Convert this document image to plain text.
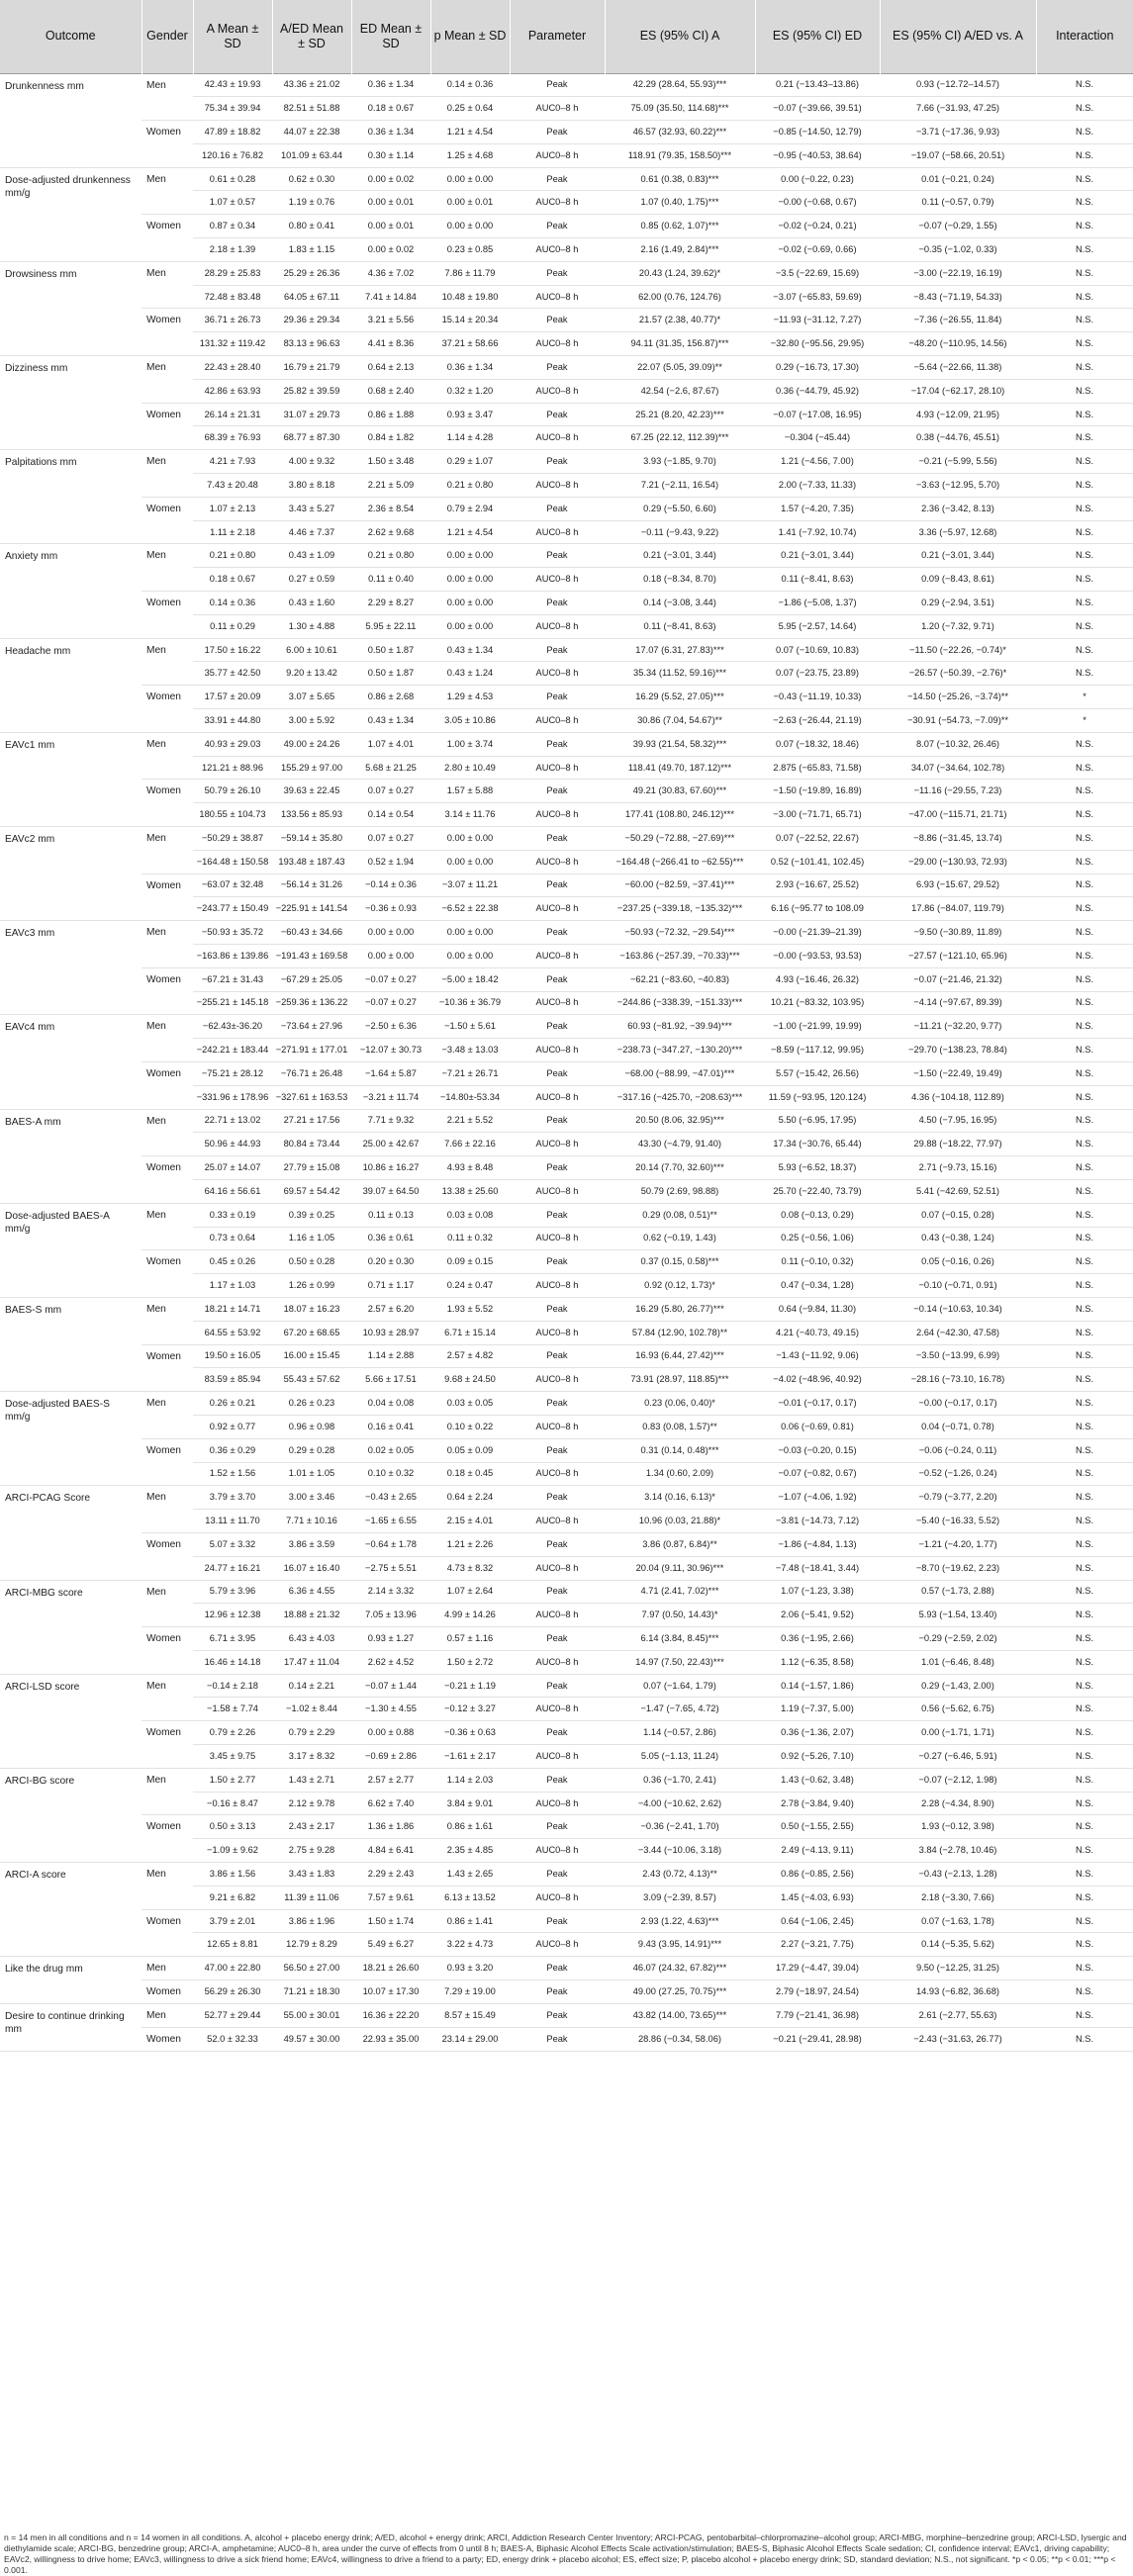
Outcome	Gender	A Mean ± SD	A/ED Mean ± SD	ED Mean ± SD	p Mean ± SD	Parameter	ES (95% CI) A	ES (95% CI) ED	ES (95% CI) A/ED vs. A	Interaction
Drunkenness mm	Men	42.43 ± 19.93	43.36 ± 21.02	0.36 ± 1.34	0.14 ± 0.36	Peak	42.29 (28.64, 55.93)***	0.21 (−13.43–13.86)	0.93 (−12.72–14.57)	N.S.
		75.34 ± 39.94	82.51 ± 51.88	0.18 ± 0.67	0.25 ± 0.64	AUC0–8 h	75.09 (35.50, 114.68)***	−0.07 (−39.66, 39.51)	7.66 (−31.93, 47.25)	N.S.
	Women	47.89 ± 18.82	44.07 ± 22.38	0.36 ± 1.34	1.21 ± 4.54	Peak	46.57 (32.93, 60.22)***	−0.85 (−14.50, 12.79)	−3.71 (−17.36, 9.93)	N.S.
		120.16 ± 76.82	101.09 ± 63.44	0.30 ± 1.14	1.25 ± 4.68	AUC0–8 h	118.91 (79.35, 158.50)***	−0.95 (−40.53, 38.64)	−19.07 (−58.66, 20.51)	N.S.
Dose-adjusted drunkenness mm/g	Men	0.61 ± 0.28	0.62 ± 0.30	0.00 ± 0.02	0.00 ± 0.00	Peak	0.61 (0.38, 0.83)***	0.00 (−0.22, 0.23)	0.01 (−0.21, 0.24)	N.S.
		1.07 ± 0.57	1.19 ± 0.76	0.00 ± 0.01	0.00 ± 0.01	AUC0–8 h	1.07 (0.40, 1.75)***	−0.00 (−0.68, 0.67)	0.11 (−0.57, 0.79)	N.S.
	Women	0.87 ± 0.34	0.80 ± 0.41	0.00 ± 0.01	0.00 ± 0.00	Peak	0.85 (0.62, 1.07)***	−0.02 (−0.24, 0.21)	−0.07 (−0.29, 1.55)	N.S.
		2.18 ± 1.39	1.83 ± 1.15	0.00 ± 0.02	0.23 ± 0.85	AUC0–8 h	2.16 (1.49, 2.84)***	−0.02 (−0.69, 0.66)	−0.35 (−1.02, 0.33)	N.S.
Drowsiness mm	Men	28.29 ± 25.83	25.29 ± 26.36	4.36 ± 7.02	7.86 ± 11.79	Peak	20.43 (1.24, 39.62)*	−3.5 (−22.69, 15.69)	−3.00 (−22.19, 16.19)	N.S.
		72.48 ± 83.48	64.05 ± 67.11	7.41 ± 14.84	10.48 ± 19.80	AUC0–8 h	62.00 (0.76, 124.76)	−3.07 (−65.83, 59.69)	−8.43 (−71.19, 54.33)	N.S.
	Women	36.71 ± 26.73	29.36 ± 29.34	3.21 ± 5.56	15.14 ± 20.34	Peak	21.57 (2.38, 40.77)*	−11.93 (−31.12, 7.27)	−7.36 (−26.55, 11.84)	N.S.
		131.32 ± 119.42	83.13 ± 96.63	4.41 ± 8.36	37.21 ± 58.66	AUC0–8 h	94.11 (31.35, 156.87)***	−32.80 (−95.56, 29.95)	−48.20 (−110.95, 14.56)	N.S.
Dizziness mm	Men	22.43 ± 28.40	16.79 ± 21.79	0.64 ± 2.13	0.36 ± 1.34	Peak	22.07 (5.05, 39.09)**	0.29 (−16.73, 17.30)	−5.64 (−22.66, 11.38)	N.S.
		42.86 ± 63.93	25.82 ± 39.59	0.68 ± 2.40	0.32 ± 1.20	AUC0–8 h	42.54 (−2.6, 87.67)	0.36 (−44.79, 45.92)	−17.04 (−62.17, 28.10)	N.S.
	Women	26.14 ± 21.31	31.07 ± 29.73	0.86 ± 1.88	0.93 ± 3.47	Peak	25.21 (8.20, 42.23)***	−0.07 (−17.08, 16.95)	4.93 (−12.09, 21.95)	N.S.
		68.39 ± 76.93	68.77 ± 87.30	0.84 ± 1.82	1.14 ± 4.28	AUC0–8 h	67.25 (22.12, 112.39)***	−0.304 (−45.44)	0.38 (−44.76, 45.51)	N.S.
Palpitations mm	Men	4.21 ± 7.93	4.00 ± 9.32	1.50 ± 3.48	0.29 ± 1.07	Peak	3.93 (−1.85, 9.70)	1.21 (−4.56, 7.00)	−0.21 (−5.99, 5.56)	N.S.
		7.43 ± 20.48	3.80 ± 8.18	2.21 ± 5.09	0.21 ± 0.80	AUC0–8 h	7.21 (−2.11, 16.54)	2.00 (−7.33, 11.33)	−3.63 (−12.95, 5.70)	N.S.
	Women	1.07 ± 2.13	3.43 ± 5.27	2.36 ± 8.54	0.79 ± 2.94	Peak	0.29 (−5.50, 6.60)	1.57 (−4.20, 7.35)	2.36 (−3.42, 8.13)	N.S.
		1.11 ± 2.18	4.46 ± 7.37	2.62 ± 9.68	1.21 ± 4.54	AUC0–8 h	−0.11 (−9.43, 9.22)	1.41 (−7.92, 10.74)	3.36 (−5.97, 12.68)	N.S.
Anxiety mm	Men	0.21 ± 0.80	0.43 ± 1.09	0.21 ± 0.80	0.00 ± 0.00	Peak	0.21 (−3.01, 3.44)	0.21 (−3.01, 3.44)	0.21 (−3.01, 3.44)	N.S.
		0.18 ± 0.67	0.27 ± 0.59	0.11 ± 0.40	0.00 ± 0.00	AUC0–8 h	0.18 (−8.34, 8.70)	0.11 (−8.41, 8.63)	0.09 (−8.43, 8.61)	N.S.
	Women	0.14 ± 0.36	0.43 ± 1.60	2.29 ± 8.27	0.00 ± 0.00	Peak	0.14 (−3.08, 3.44)	−1.86 (−5.08, 1.37)	0.29 (−2.94, 3.51)	N.S.
		0.11 ± 0.29	1.30 ± 4.88	5.95 ± 22.11	0.00 ± 0.00	AUC0–8 h	0.11 (−8.41, 8.63)	5.95 (−2.57, 14.64)	1.20 (−7.32, 9.71)	N.S.
Headache mm	Men	17.50 ± 16.22	6.00 ± 10.61	0.50 ± 1.87	0.43 ± 1.34	Peak	17.07 (6.31, 27.83)***	0.07 (−10.69, 10.83)	−11.50 (−22.26, −0.74)*	N.S.
		35.77 ± 42.50	9.20 ± 13.42	0.50 ± 1.87	0.43 ± 1.24	AUC0–8 h	35.34 (11.52, 59.16)***	0.07 (−23.75, 23.89)	−26.57 (−50.39, −2.76)*	N.S.
	Women	17.57 ± 20.09	3.07 ± 5.65	0.86 ± 2.68	1.29 ± 4.53	Peak	16.29 (5.52, 27.05)***	−0.43 (−11.19, 10.33)	−14.50 (−25.26, −3.74)**	*
		33.91 ± 44.80	3.00 ± 5.92	0.43 ± 1.34	3.05 ± 10.86	AUC0–8 h	30.86 (7.04, 54.67)**	−2.63 (−26.44, 21.19)	−30.91 (−54.73, −7.09)**	*
EAVc1 mm	Men	40.93 ± 29.03	49.00 ± 24.26	1.07 ± 4.01	1.00 ± 3.74	Peak	39.93 (21.54, 58.32)***	0.07 (−18.32, 18.46)	8.07 (−10.32, 26.46)	N.S.
		121.21 ± 88.96	155.29 ± 97.00	5.68 ± 21.25	2.80 ± 10.49	AUC0–8 h	118.41 (49.70, 187.12)***	2.875 (−65.83, 71.58)	34.07 (−34.64, 102.78)	N.S.
	Women	50.79 ± 26.10	39.63 ± 22.45	0.07 ± 0.27	1.57 ± 5.88	Peak	49.21 (30.83, 67.60)***	−1.50 (−19.89, 16.89)	−11.16 (−29.55, 7.23)	N.S.
		180.55 ± 104.73	133.56 ± 85.93	0.14 ± 0.54	3.14 ± 11.76	AUC0–8 h	177.41 (108.80, 246.12)***	−3.00 (−71.71, 65.71)	−47.00 (−115.71, 21.71)	N.S.
EAVc2 mm	Men	−50.29 ± 38.87	−59.14 ± 35.80	0.07 ± 0.27	0.00 ± 0.00	Peak	−50.29 (−72.88, −27.69)***	0.07 (−22.52, 22.67)	−8.86 (−31.45, 13.74)	N.S.
		−164.48 ± 150.58	193.48 ± 187.43	0.52 ± 1.94	0.00 ± 0.00	AUC0–8 h	−164.48 (−266.41 to −62.55)***	0.52 (−101.41, 102.45)	−29.00 (−130.93, 72.93)	N.S.
	Women	−63.07 ± 32.48	−56.14 ± 31.26	−0.14 ± 0.36	−3.07 ± 11.21	Peak	−60.00 (−82.59, −37.41)***	2.93 (−16.67, 25.52)	6.93 (−15.67, 29.52)	N.S.
		−243.77 ± 150.49	−225.91 ± 141.54	−0.36 ± 0.93	−6.52 ± 22.38	AUC0–8 h	−237.25 (−339.18, −135.32)***	6.16 (−95.77 to 108.09	17.86 (−84.07, 119.79)	N.S.
EAVc3 mm	Men	−50.93 ± 35.72	−60.43 ± 34.66	0.00 ± 0.00	0.00 ± 0.00	Peak	−50.93 (−72.32, −29.54)***	−0.00 (−21.39–21.39)	−9.50 (−30.89, 11.89)	N.S.
		−163.86 ± 139.86	−191.43 ± 169.58	0.00 ± 0.00	0.00 ± 0.00	AUC0–8 h	−163.86 (−257.39, −70.33)***	−0.00 (−93.53, 93.53)	−27.57 (−121.10, 65.96)	N.S.
	Women	−67.21 ± 31.43	−67.29 ± 25.05	−0.07 ± 0.27	−5.00 ± 18.42	Peak	−62.21 (−83.60, −40.83)	4.93 (−16.46, 26.32)	−0.07 (−21.46, 21.32)	N.S.
		−255.21 ± 145.18	−259.36 ± 136.22	−0.07 ± 0.27	−10.36 ± 36.79	AUC0–8 h	−244.86 (−338.39, −151.33)***	10.21 (−83.32, 103.95)	−4.14 (−97.67, 89.39)	N.S.
EAVc4 mm	Men	−62.43±-36.20	−73.64 ± 27.96	−2.50 ± 6.36	−1.50 ± 5.61	Peak	60.93 (−81.92, −39.94)***	−1.00 (−21.99, 19.99)	−11.21 (−32.20, 9.77)	N.S.
		−242.21 ± 183.44	−271.91 ± 177.01	−12.07 ± 30.73	−3.48 ± 13.03	AUC0–8 h	−238.73 (−347.27, −130.20)***	−8.59 (−117.12, 99.95)	−29.70 (−138.23, 78.84)	N.S.
	Women	−75.21 ± 28.12	−76.71 ± 26.48	−1.64 ± 5.87	−7.21 ± 26.71	Peak	−68.00 (−88.99, −47.01)***	5.57 (−15.42, 26.56)	−1.50 (−22.49, 19.49)	N.S.
		−331.96 ± 178.96	−327.61 ± 163.53	−3.21 ± 11.74	−14.80±-53.34	AUC0–8 h	−317.16 (−425.70, −208.63)***	11.59 (−93.95, 120.124)	4.36 (−104.18, 112.89)	N.S.
BAES-A mm	Men	22.71 ± 13.02	27.21 ± 17.56	7.71 ± 9.32	2.21 ± 5.52	Peak	20.50 (8.06, 32.95)***	5.50 (−6.95, 17.95)	4.50 (−7.95, 16.95)	N.S.
		50.96 ± 44.93	80.84 ± 73.44	25.00 ± 42.67	7.66 ± 22.16	AUC0–8 h	43.30 (−4.79, 91.40)	17.34 (−30.76, 65.44)	29.88 (−18.22, 77.97)	N.S.
	Women	25.07 ± 14.07	27.79 ± 15.08	10.86 ± 16.27	4.93 ± 8.48	Peak	20.14 (7.70, 32.60)***	5.93 (−6.52, 18.37)	2.71 (−9.73, 15.16)	N.S.
		64.16 ± 56.61	69.57 ± 54.42	39.07 ± 64.50	13.38 ± 25.60	AUC0–8 h	50.79 (2.69, 98.88)	25.70 (−22.40, 73.79)	5.41 (−42.69, 52.51)	N.S.
Dose-adjusted BAES-A mm/g	Men	0.33 ± 0.19	0.39 ± 0.25	0.11 ± 0.13	0.03 ± 0.08	Peak	0.29 (0.08, 0.51)**	0.08 (−0.13, 0.29)	0.07 (−0.15, 0.28)	N.S.
		0.73 ± 0.64	1.16 ± 1.05	0.36 ± 0.61	0.11 ± 0.32	AUC0–8 h	0.62 (−0.19, 1.43)	0.25 (−0.56, 1.06)	0.43 (−0.38, 1.24)	N.S.
	Women	0.45 ± 0.26	0.50 ± 0.28	0.20 ± 0.30	0.09 ± 0.15	Peak	0.37 (0.15, 0.58)***	0.11 (−0.10, 0.32)	0.05 (−0.16, 0.26)	N.S.
		1.17 ± 1.03	1.26 ± 0.99	0.71 ± 1.17	0.24 ± 0.47	AUC0–8 h	0.92 (0.12, 1.73)*	0.47 (−0.34, 1.28)	−0.10 (−0.71, 0.91)	N.S.
BAES-S mm	Men	18.21 ± 14.71	18.07 ± 16.23	2.57 ± 6.20	1.93 ± 5.52	Peak	16.29 (5.80, 26.77)***	0.64 (−9.84, 11.30)	−0.14 (−10.63, 10.34)	N.S.
		64.55 ± 53.92	67.20 ± 68.65	10.93 ± 28.97	6.71 ± 15.14	AUC0–8 h	57.84 (12.90, 102.78)**	4.21 (−40.73, 49.15)	2.64 (−42.30, 47.58)	N.S.
	Women	19.50 ± 16.05	16.00 ± 15.45	1.14 ± 2.88	2.57 ± 4.82	Peak	16.93 (6.44, 27.42)***	−1.43 (−11.92, 9.06)	−3.50 (−13.99, 6.99)	N.S.
		83.59 ± 85.94	55.43 ± 57.62	5.66 ± 17.51	9.68 ± 24.50	AUC0–8 h	73.91 (28.97, 118.85)***	−4.02 (−48.96, 40.92)	−28.16 (−73.10, 16.78)	N.S.
Dose-adjusted BAES-S mm/g	Men	0.26 ± 0.21	0.26 ± 0.23	0.04 ± 0.08	0.03 ± 0.05	Peak	0.23 (0.06, 0.40)*	−0.01 (−0.17, 0.17)	−0.00 (−0.17, 0.17)	N.S.
		0.92 ± 0.77	0.96 ± 0.98	0.16 ± 0.41	0.10 ± 0.22	AUC0–8 h	0.83 (0.08, 1.57)**	0.06 (−0.69, 0.81)	0.04 (−0.71, 0.78)	N.S.
	Women	0.36 ± 0.29	0.29 ± 0.28	0.02 ± 0.05	0.05 ± 0.09	Peak	0.31 (0.14, 0.48)***	−0.03 (−0.20, 0.15)	−0.06 (−0.24, 0.11)	N.S.
		1.52 ± 1.56	1.01 ± 1.05	0.10 ± 0.32	0.18 ± 0.45	AUC0–8 h	1.34 (0.60, 2.09)	−0.07 (−0.82, 0.67)	−0.52 (−1.26, 0.24)	N.S.
ARCI-PCAG Score	Men	3.79 ± 3.70	3.00 ± 3.46	−0.43 ± 2.65	0.64 ± 2.24	Peak	3.14 (0.16, 6.13)*	−1.07 (−4.06, 1.92)	−0.79 (−3.77, 2.20)	N.S.
		13.11 ± 11.70	7.71 ± 10.16	−1.65 ± 6.55	2.15 ± 4.01	AUC0–8 h	10.96 (0.03, 21.88)*	−3.81 (−14.73, 7.12)	−5.40 (−16.33, 5.52)	N.S.
	Women	5.07 ± 3.32	3.86 ± 3.59	−0.64 ± 1.78	1.21 ± 2.26	Peak	3.86 (0.87, 6.84)**	−1.86 (−4.84, 1.13)	−1.21 (−4.20, 1.77)	N.S.
		24.77 ± 16.21	16.07 ± 16.40	−2.75 ± 5.51	4.73 ± 8.32	AUC0–8 h	20.04 (9.11, 30.96)***	−7.48 (−18.41, 3.44)	−8.70 (−19.62, 2.23)	N.S.
ARCI-MBG score	Men	5.79 ± 3.96	6.36 ± 4.55	2.14 ± 3.32	1.07 ± 2.64	Peak	4.71 (2.41, 7.02)***	1.07 (−1.23, 3.38)	0.57 (−1.73, 2.88)	N.S.
		12.96 ± 12.38	18.88 ± 21.32	7.05 ± 13.96	4.99 ± 14.26	AUC0–8 h	7.97 (0.50, 14.43)*	2.06 (−5.41, 9.52)	5.93 (−1.54, 13.40)	N.S.
	Women	6.71 ± 3.95	6.43 ± 4.03	0.93 ± 1.27	0.57 ± 1.16	Peak	6.14 (3.84, 8.45)***	0.36 (−1.95, 2.66)	−0.29 (−2.59, 2.02)	N.S.
		16.46 ± 14.18	17.47 ± 11.04	2.62 ± 4.52	1.50 ± 2.72	AUC0–8 h	14.97 (7.50, 22.43)***	1.12 (−6.35, 8.58)	1.01 (−6.46, 8.48)	N.S.
ARCI-LSD score	Men	−0.14 ± 2.18	0.14 ± 2.21	−0.07 ± 1.44	−0.21 ± 1.19	Peak	0.07 (−1.64, 1.79)	0.14 (−1.57, 1.86)	0.29 (−1.43, 2.00)	N.S.
		−1.58 ± 7.74	−1.02 ± 8.44	−1.30 ± 4.55	−0.12 ± 3.27	AUC0–8 h	−1.47 (−7.65, 4.72)	1.19 (−7.37, 5.00)	0.56 (−5.62, 6.75)	N.S.
	Women	0.79 ± 2.26	0.79 ± 2.29	0.00 ± 0.88	−0.36 ± 0.63	Peak	1.14 (−0.57, 2.86)	0.36 (−1.36, 2.07)	0.00 (−1.71, 1.71)	N.S.
		3.45 ± 9.75	3.17 ± 8.32	−0.69 ± 2.86	−1.61 ± 2.17	AUC0–8 h	5.05 (−1.13, 11.24)	0.92 (−5.26, 7.10)	−0.27 (−6.46, 5.91)	N.S.
ARCI-BG score	Men	1.50 ± 2.77	1.43 ± 2.71	2.57 ± 2.77	1.14 ± 2.03	Peak	0.36 (−1.70, 2.41)	1.43 (−0.62, 3.48)	−0.07 (−2.12, 1.98)	N.S.
		−0.16 ± 8.47	2.12 ± 9.78	6.62 ± 7.40	3.84 ± 9.01	AUC0–8 h	−4.00 (−10.62, 2.62)	2.78 (−3.84, 9.40)	2.28 (−4.34, 8.90)	N.S.
	Women	0.50 ± 3.13	2.43 ± 2.17	1.36 ± 1.86	0.86 ± 1.61	Peak	−0.36 (−2.41, 1.70)	0.50 (−1.55, 2.55)	1.93 (−0.12, 3.98)	N.S.
		−1.09 ± 9.62	2.75 ± 9.28	4.84 ± 6.41	2.35 ± 4.85	AUC0–8 h	−3.44 (−10.06, 3.18)	2.49 (−4.13, 9.11)	3.84 (−2.78, 10.46)	N.S.
ARCI-A score	Men	3.86 ± 1.56	3.43 ± 1.83	2.29 ± 2.43	1.43 ± 2.65	Peak	2.43 (0.72, 4.13)**	0.86 (−0.85, 2.56)	−0.43 (−2.13, 1.28)	N.S.
		9.21 ± 6.82	11.39 ± 11.06	7.57 ± 9.61	6.13 ± 13.52	AUC0–8 h	3.09 (−2.39, 8.57)	1.45 (−4.03, 6.93)	2.18 (−3.30, 7.66)	N.S.
	Women	3.79 ± 2.01	3.86 ± 1.96	1.50 ± 1.74	0.86 ± 1.41	Peak	2.93 (1.22, 4.63)***	0.64 (−1.06, 2.45)	0.07 (−1.63, 1.78)	N.S.
		12.65 ± 8.81	12.79 ± 8.29	5.49 ± 6.27	3.22 ± 4.73	AUC0–8 h	9.43 (3.95, 14.91)***	2.27 (−3.21, 7.75)	0.14 (−5.35, 5.62)	N.S.
Like the drug mm	Men	47.00 ± 22.80	56.50 ± 27.00	18.21 ± 26.60	0.93 ± 3.20	Peak	46.07 (24.32, 67.82)***	17.29 (−4.47, 39.04)	9.50 (−12.25, 31.25)	N.S.
	Women	56.29 ± 26.30	71.21 ± 18.30	10.07 ± 17.30	7.29 ± 19.00	Peak	49.00 (27.25, 70.75)***	2.79 (−18.97, 24.54)	14.93 (−6.82, 36.68)	N.S.
Desire to continue drinking mm	Men	52.77 ± 29.44	55.00 ± 30.01	16.36 ± 22.20	8.57 ± 15.49	Peak	43.82 (14.00, 73.65)***	7.79 (−21.41, 36.98)	2.61 (−2.77, 55.63)	N.S.
	Women	52.0 ± 32.33	49.57 ± 30.00	22.93 ± 35.00	23.14 ± 29.00	Peak	28.86 (−0.34, 58.06)	−0.21 (−29.41, 28.98)	−2.43 (−31.63, 26.77)	N.S.
n = 14 men in all conditions and n = 14 women in all conditions. A, alcohol + placebo energy drink; A/ED, alcohol + energy drink; ARCI, Addiction Research Center Inventory; ARCI-PCAG, pentobarbital–chlorpromazine–alcohol group; ARCI-MBG, morphine–benzedrine group; ARCI-LSD, lysergic and diethylamide scale; ARCI-BG, benzedrine group; ARCI-A, amphetamine; AUC0–8 h, area under the curve of effects from 0 until 8 h; BAES-A, Biphasic Alcohol Effects Scale activation/stimulation; BAES-S, Biphasic Alcohol Effects Scale sedation; CI, confidence interval; EAVc1, driving capability; EAVc2, willingness to drive home; EAVc3, willingness to drive a sick friend home; EAVc4, willingness to drive a friend to a party; ED, energy drink + placebo alcohol; ES, effect size; P, placebo alcohol + placebo energy drink; SD, standard deviation; N.S., not significant. *p < 0.05; **p < 0.01; ***p < 0.001.
